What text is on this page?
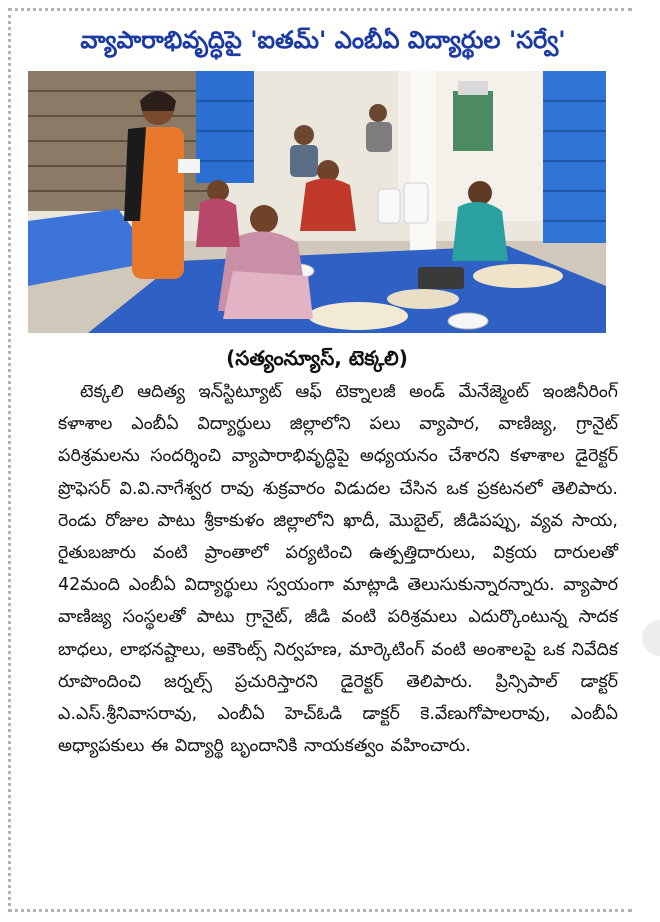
వ్యాపారాభివృద్ధిపై 'ఐతమ్' ఎంబీఏ విద్యార్థుల 'సర్వే'
(సత్యంన్యూస్, టెక్కలి)

టెక్కలి ఆదిత్య ఇన్‌స్టిట్యూట్ ఆఫ్ టెక్నాలజీ అండ్ మేనేజ్మెంట్ ఇంజినీరింగ్ కళాశాల ఎంబీఏ విద్యార్థులు జిల్లాలోని పలు వ్యాపార, వాణిజ్య, గ్రానైట్ పరిశ్రమలను సందర్శించి వ్యాపారాభివృద్ధిపై అధ్యయనం చేశారని కళాశాల డైరెక్టర్ ప్రొఫెసర్ వి.వి.నాగేశ్వర రావు శుక్రవారం విడుదల చేసిన ఒక ప్రకటనలో తెలిపారు. రెండు రోజుల పాటు శ్రీకాకుళం జిల్లాలోని ఖాదీ, మొబైల్, జీడిపప్పు, వ్యవ సాయ, రైతుబజారు వంటి ప్రాంతాలో పర్యటించి ఉత్పత్తిదారులు, విక్రయ దారులతో 42మంది ఎంబీఏ విద్యార్థులు స్వయంగా మాట్లాడి తెలుసుకున్నారన్నారు. వ్యాపార వాణిజ్య సంస్థలతో పాటు గ్రానైట్, జీడి వంటి పరిశ్రమలు ఎదుర్కొంటున్న సాదక బాధలు, లాభనష్టాలు, అకౌంట్స్ నిర్వహణ, మార్కెటింగ్ వంటి అంశాలపై ఒక నివేదిక రూపొందించి జర్నల్స్ ప్రచురిస్తారని డైరెక్టర్ తెలిపారు. ప్రిన్సిపాల్ డాక్టర్ ఎ.ఎస్.శ్రీనివాసరావు, ఎంబీఏ హెచ్ఓడి డాక్టర్ కె.వేణుగోపాలరావు, ఎంబీఏ అధ్యాపకులు ఈ విద్యార్థి బృందానికి నాయకత్వం వహించారు.
